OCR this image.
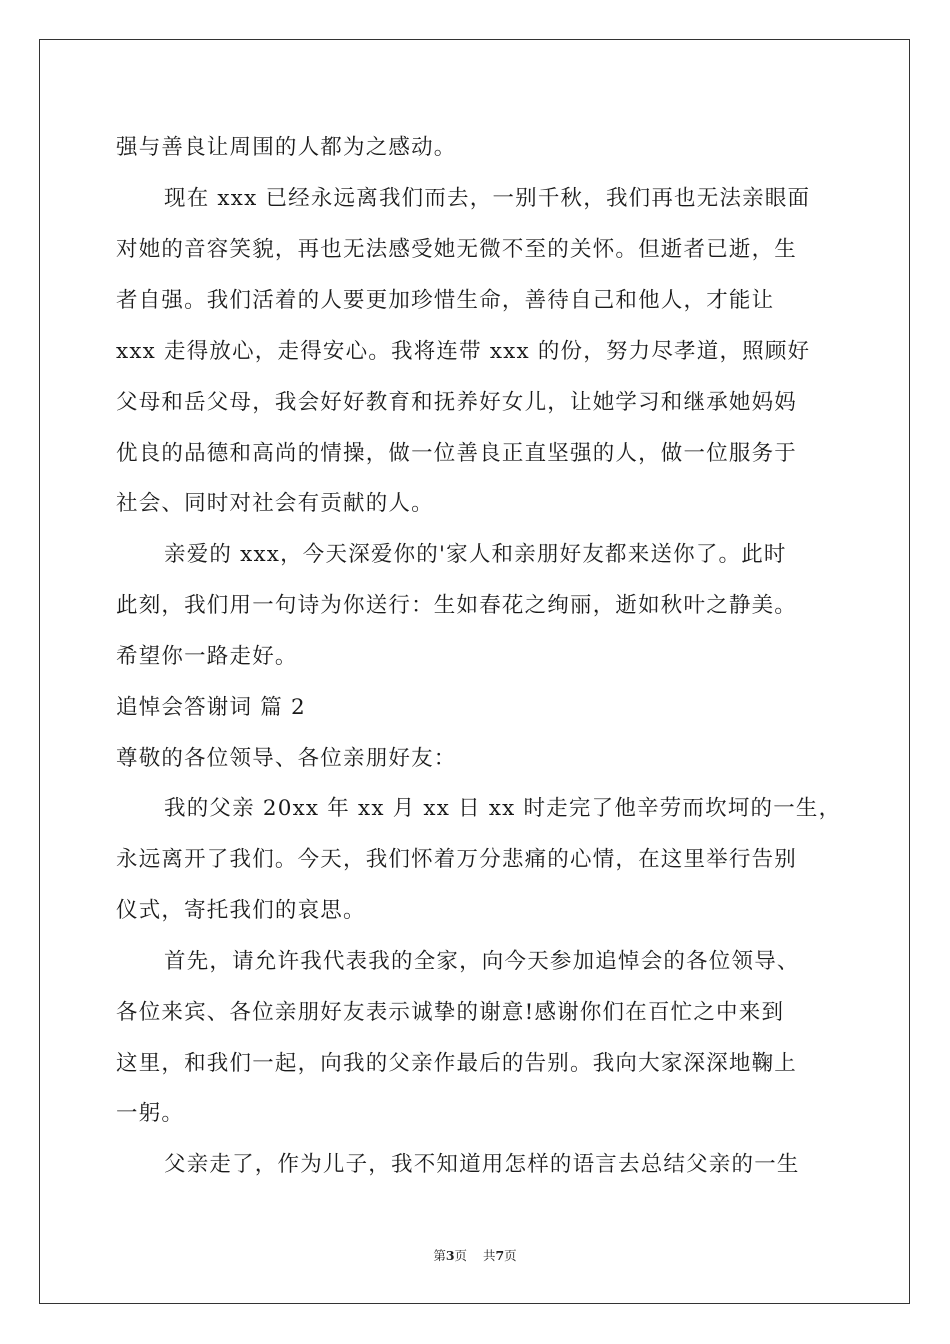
强与善良让周围的人都为之感动。
现在 xxx 已经永远离我们而去，一别千秋，我们再也无法亲眼面
对她的音容笑貌，再也无法感受她无微不至的关怀。但逝者已逝，生
者自强。我们活着的人要更加珍惜生命，善待自己和他人，才能让
xxx 走得放心，走得安心。我将连带 xxx 的份，努力尽孝道，照顾好
父母和岳父母，我会好好教育和抚养好女儿，让她学习和继承她妈妈
优良的品德和高尚的情操，做一位善良正直坚强的人，做一位服务于
社会、同时对社会有贡献的人。
亲爱的 xxx，今天深爱你的'家人和亲朋好友都来送你了。此时
此刻，我们用一句诗为你送行：生如春花之绚丽，逝如秋叶之静美。
希望你一路走好。
追悼会答谢词 篇 2
尊敬的各位领导、各位亲朋好友：
我的父亲 20xx 年 xx 月 xx 日 xx 时走完了他辛劳而坎坷的一生，
永远离开了我们。今天，我们怀着万分悲痛的心情，在这里举行告别
仪式，寄托我们的哀思。
首先，请允许我代表我的全家，向今天参加追悼会的各位领导、
各位来宾、各位亲朋好友表示诚挚的谢意!感谢你们在百忙之中来到
这里，和我们一起，向我的父亲作最后的告别。我向大家深深地鞠上
一躬。
父亲走了，作为儿子，我不知道用怎样的语言去总结父亲的一生
第3页 共7页
